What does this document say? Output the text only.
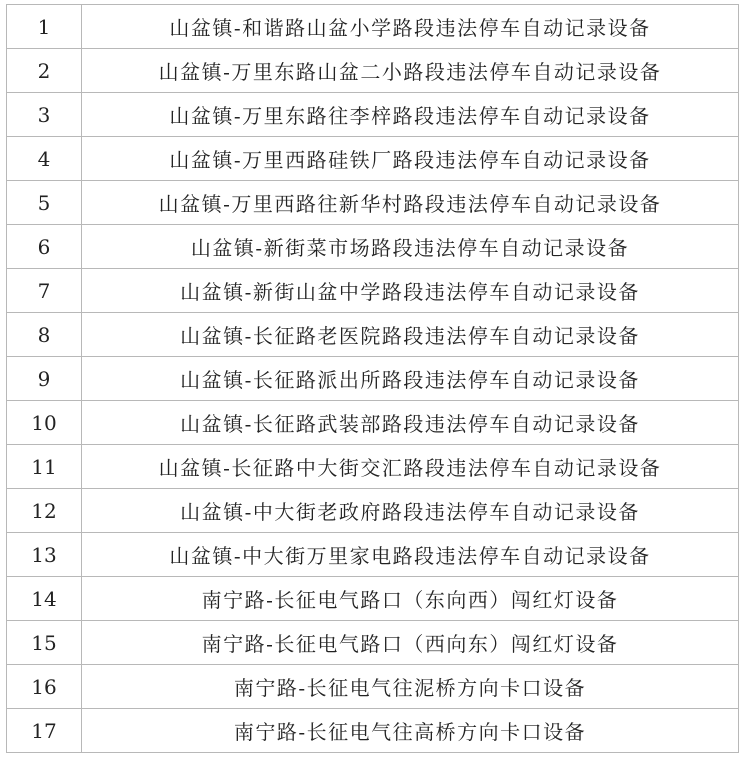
1	山盆镇-和谐路山盆小学路段违法停车自动记录设备
2	山盆镇-万里东路山盆二小路段违法停车自动记录设备
3	山盆镇-万里东路往李梓路段违法停车自动记录设备
4	山盆镇-万里西路硅铁厂路段违法停车自动记录设备
5	山盆镇-万里西路往新华村路段违法停车自动记录设备
6	山盆镇-新街菜市场路段违法停车自动记录设备
7	山盆镇-新街山盆中学路段违法停车自动记录设备
8	山盆镇-长征路老医院路段违法停车自动记录设备
9	山盆镇-长征路派出所路段违法停车自动记录设备
10	山盆镇-长征路武装部路段违法停车自动记录设备
11	山盆镇-长征路中大街交汇路段违法停车自动记录设备
12	山盆镇-中大街老政府路段违法停车自动记录设备
13	山盆镇-中大街万里家电路段违法停车自动记录设备
14	南宁路-长征电气路口（东向西）闯红灯设备
15	南宁路-长征电气路口（西向东）闯红灯设备
16	南宁路-长征电气往泥桥方向卡口设备
17	南宁路-长征电气往高桥方向卡口设备
